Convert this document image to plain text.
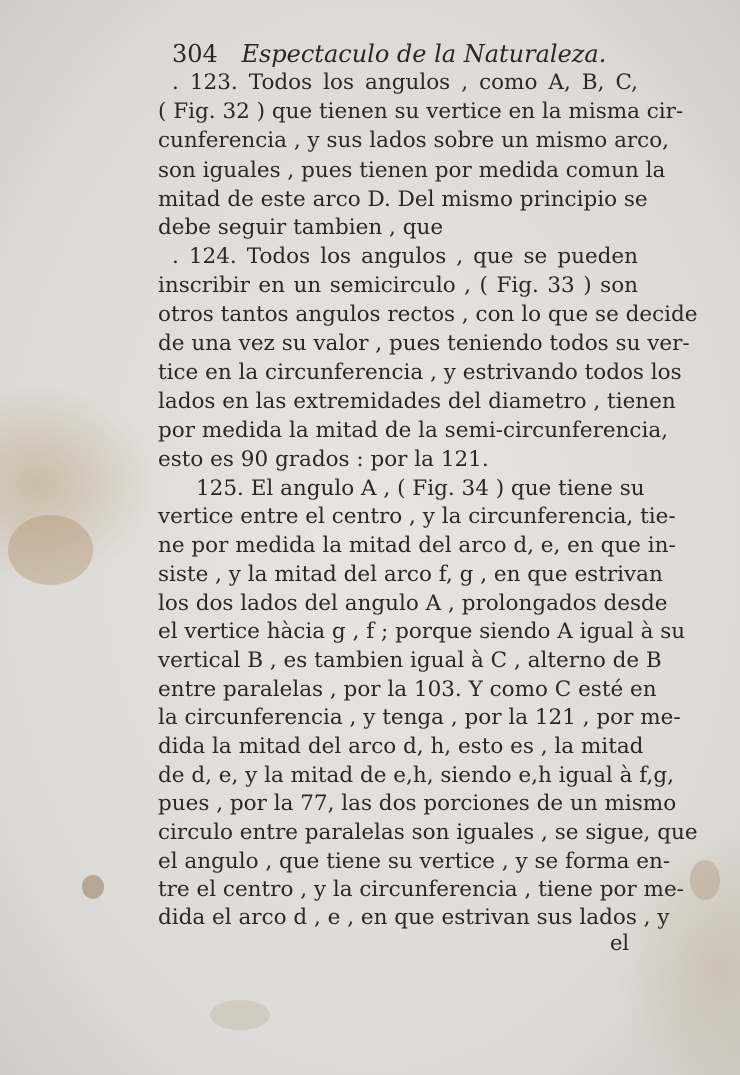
304 Espectaculo de la Naturaleza.
. 123. Todos los angulos , como A, B, C,
( Fig. 32 ) que tienen su vertice en la misma cir-
cunferencia , y sus lados sobre un mismo arco,
son iguales , pues tienen por medida comun la
mitad de este arco D. Del mismo principio se
debe seguir tambien , que
. 124. Todos los angulos , que se pueden
inscribir en un semicirculo , ( Fig. 33 ) son
otros tantos angulos rectos , con lo que se decide
de una vez su valor , pues teniendo todos su ver-
tice en la circunferencia , y estrivando todos los
lados en las extremidades del diametro , tienen
por medida la mitad de la semi-circunferencia,
esto es 90 grados : por la 121.
125. El angulo A , ( Fig. 34 ) que tiene su
vertice entre el centro , y la circunferencia, tie-
ne por medida la mitad del arco d, e, en que in-
siste , y la mitad del arco f, g , en que estrivan
los dos lados del angulo A , prolongados desde
el vertice hàcia g , f ; porque siendo A igual à su
vertical B , es tambien igual à C , alterno de B
entre paralelas , por la 103. Y como C esté en
la circunferencia , y tenga , por la 121 , por me-
dida la mitad del arco d, h, esto es , la mitad
de d, e, y la mitad de e,h, siendo e,h igual à f,g,
pues , por la 77, las dos porciones de un mismo
circulo entre paralelas son iguales , se sigue, que
el angulo , que tiene su vertice , y se forma en-
tre el centro , y la circunferencia , tiene por me-
dida el arco d , e , en que estrivan sus lados , y
el
